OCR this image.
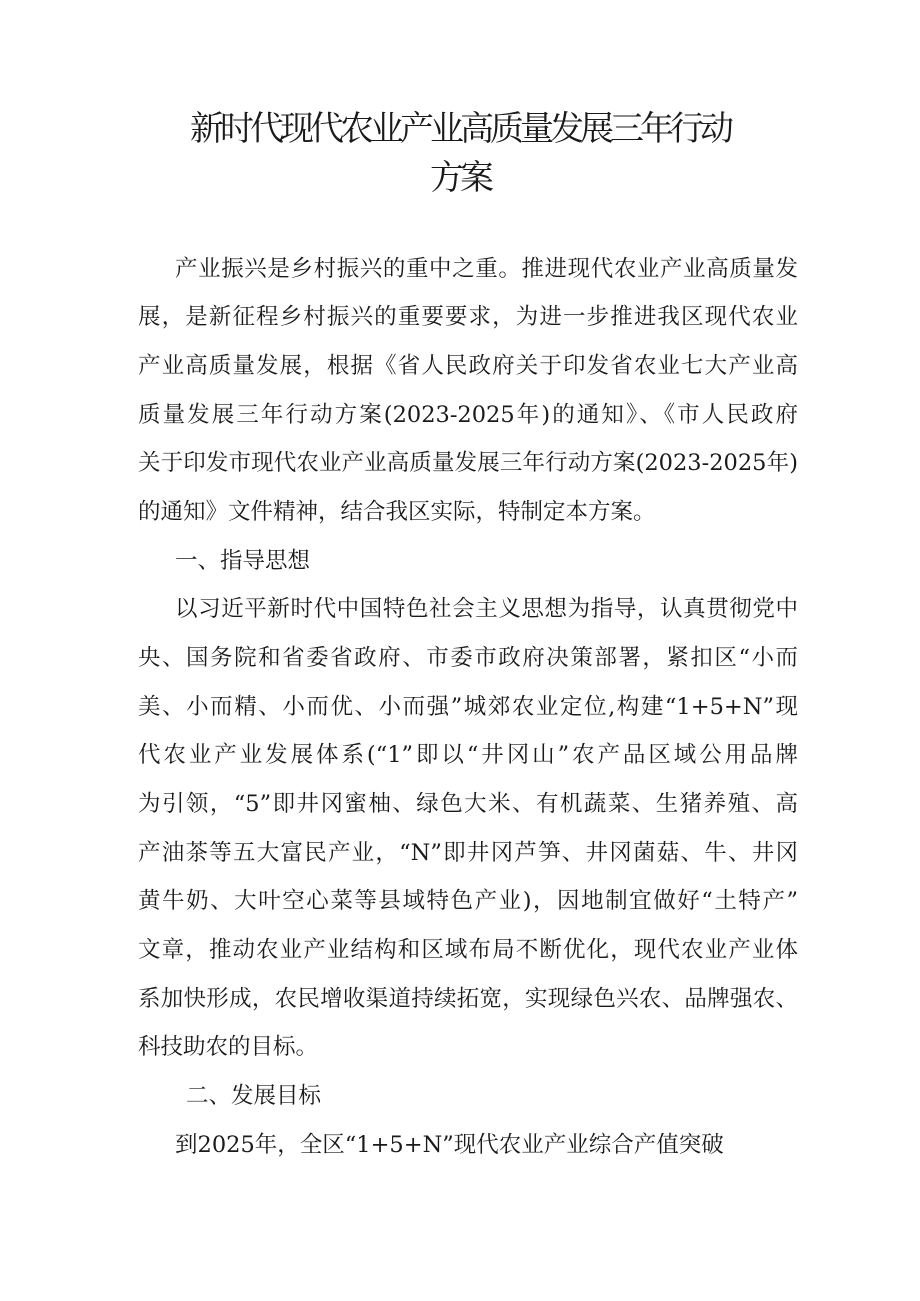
新时代现代农业产业高质量发展三年行动
方案

产业振兴是乡村振兴的重中之重。推进现代农业产业高质量发

展，是新征程乡村振兴的重要要求，为进一步推进我区现代农业

产业高质量发展，根据《省人民政府关于印发省农业七大产业高

质量发展三年行动方案(2023-2025年)的通知》、《市人民政府

关于印发市现代农业产业高质量发展三年行动方案(2023-2025年)

的通知》文件精神，结合我区实际，特制定本方案。

一、指导思想

以习近平新时代中国特色社会主义思想为指导，认真贯彻党中

央、国务院和省委省政府、市委市政府决策部署，紧扣区“小而

美、小而精、小而优、小而强”城郊农业定位,构建“1+5+N”现

代农业产业发展体系(“1”即以“井冈山”农产品区域公用品牌

为引领，“5”即井冈蜜柚、绿色大米、有机蔬菜、生猪养殖、高

产油茶等五大富民产业，“N”即井冈芦笋、井冈菌菇、牛、井冈

黄牛奶、大叶空心菜等县域特色产业)，因地制宜做好“土特产”

文章，推动农业产业结构和区域布局不断优化，现代农业产业体

系加快形成，农民增收渠道持续拓宽，实现绿色兴农、品牌强农、

科技助农的目标。

二、发展目标

到2025年，全区“1+5+N”现代农业产业综合产值突破
